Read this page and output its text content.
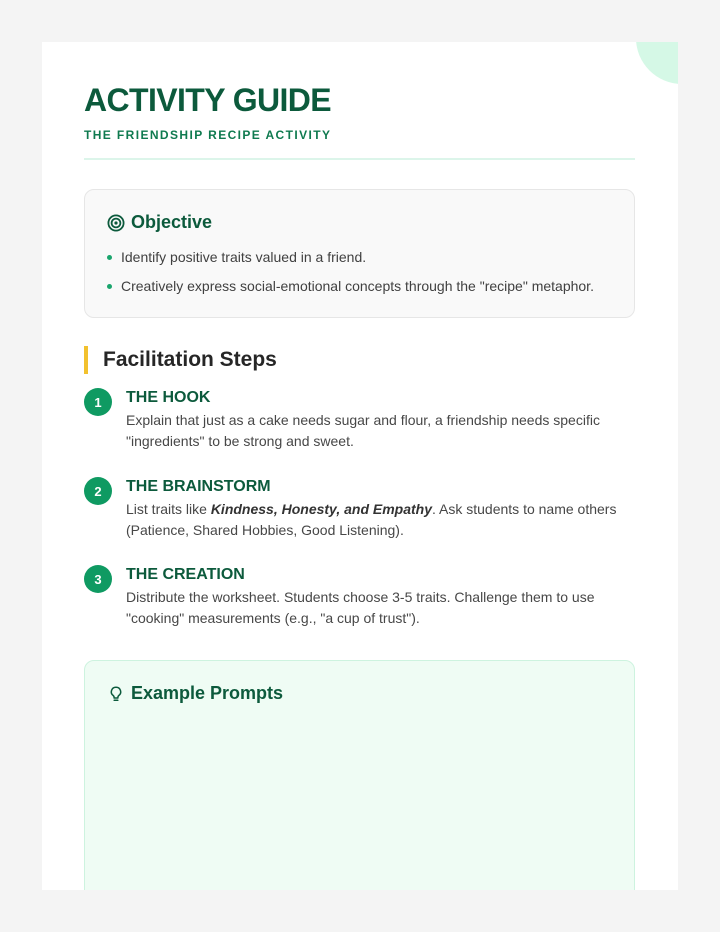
ACTIVITY GUIDE
THE FRIENDSHIP RECIPE ACTIVITY
Objective
Identify positive traits valued in a friend.
Creatively express social-emotional concepts through the "recipe" metaphor.
Facilitation Steps
1	THE HOOK
Explain that just as a cake needs sugar and flour, a friendship needs specific "ingredients" to be strong and sweet.
2	THE BRAINSTORM
List traits like Kindness, Honesty, and Empathy. Ask students to name others (Patience, Shared Hobbies, Good Listening).
3	THE CREATION
Distribute the worksheet. Students choose 3-5 traits. Challenge them to use "cooking" measurements (e.g., "a cup of trust").
Example Prompts
